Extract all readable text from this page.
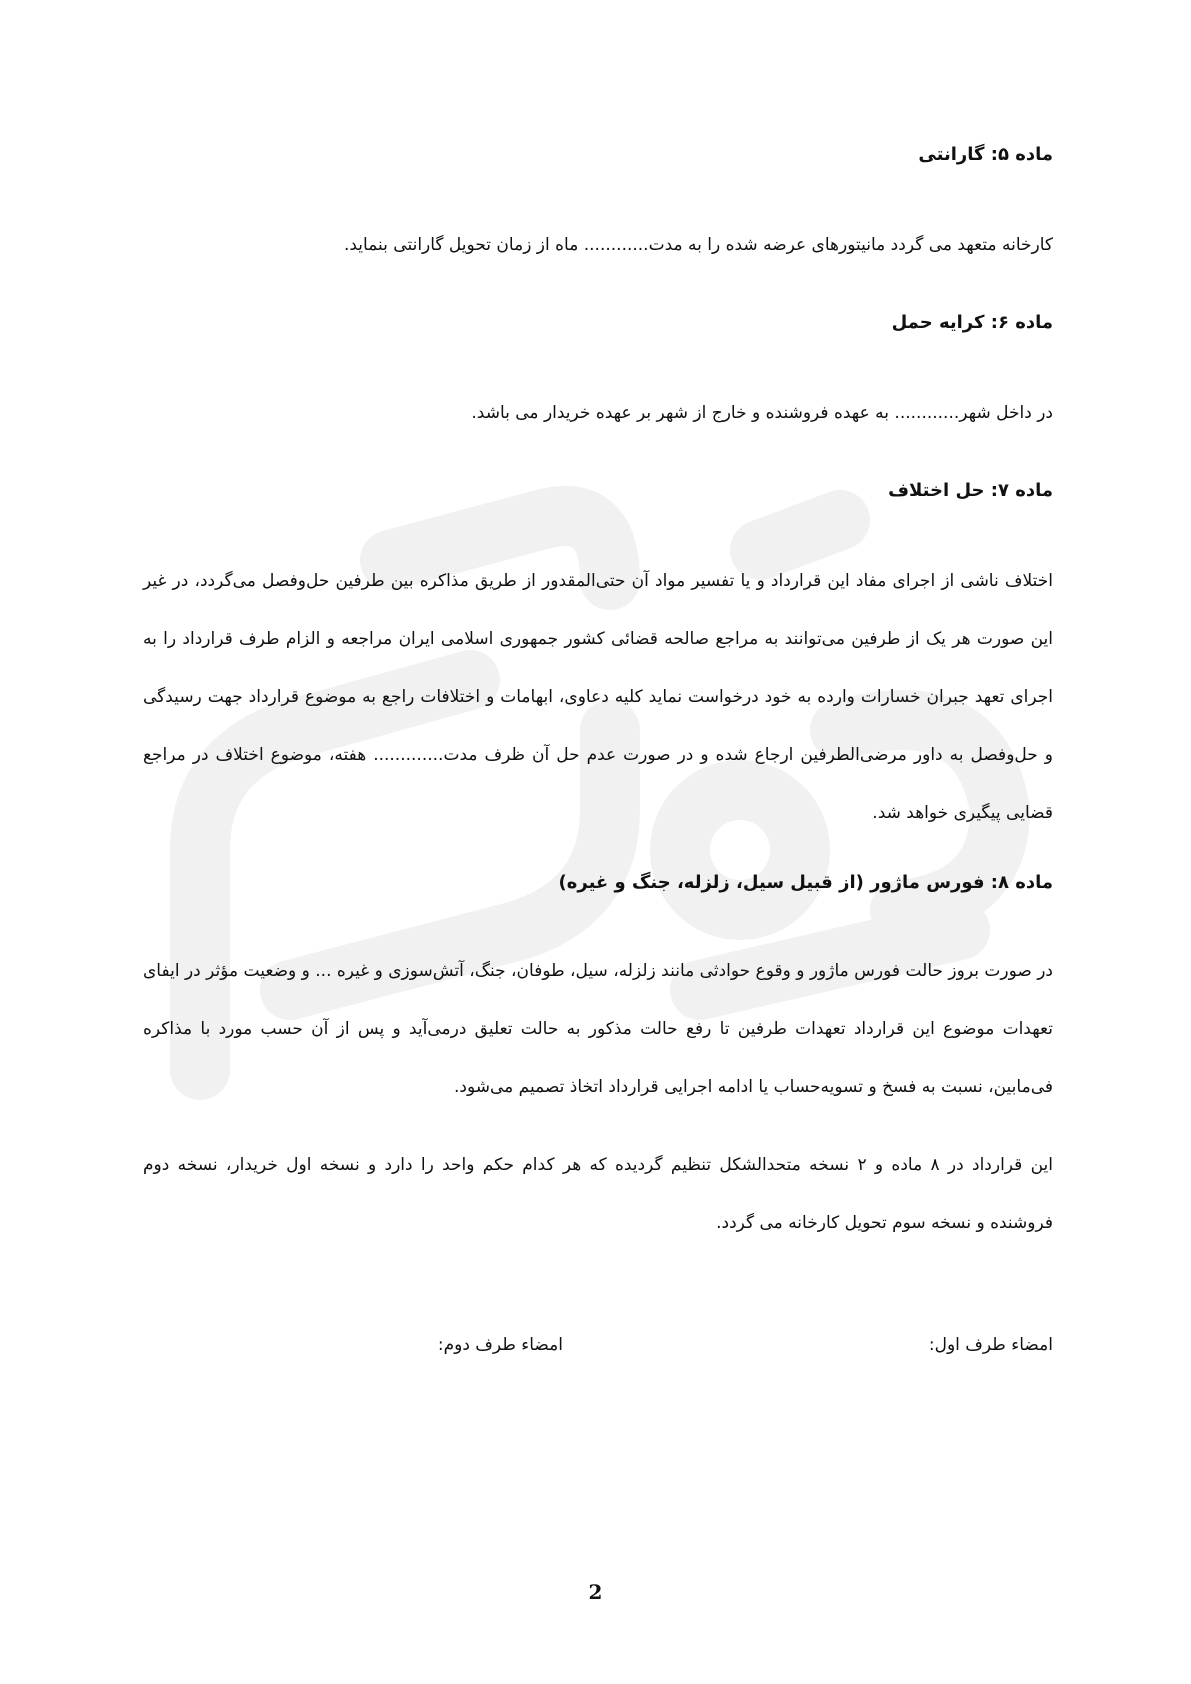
ماده ۵: گارانتی

کارخانه متعهد می گردد مانیتورهای عرضه شده را به مدت............ ماه از زمان تحویل گارانتی بنماید.

ماده ۶: کرایه حمل

در داخل شهر............ به عهده فروشنده و خارج از شهر بر عهده خریدار می باشد.

ماده ۷: حل اختلاف

اختلاف ناشی از اجرای مفاد این قرارداد و یا تفسیر مواد آن حتی‌المقدور از طریق مذاکره بین طرفین حل‌وفصل می‌گردد، در غیر این صورت هر یک از طرفین می‌توانند به مراجع صالحه قضائی کشور جمهوری اسلامی ایران مراجعه و الزام طرف قرارداد را به اجرای تعهد جبران خسارات وارده به خود درخواست نماید کلیه دعاوی، ابهامات و اختلافات راجع به موضوع قرارداد جهت رسیدگی و حل‌وفصل به داور مرضی‌الطرفین ارجاع شده و در صورت عدم حل آن ظرف مدت............. هفته، موضوع اختلاف در مراجع قضایی پیگیری خواهد شد.

ماده ۸: فورس ماژور (از قبیل سیل، زلزله، جنگ و غیره)

در صورت بروز حالت فورس ماژور و وقوع حوادثی مانند زلزله، سیل، طوفان، جنگ، آتش‌سوزی و غیره ... و وضعیت مؤثر در ایفای تعهدات موضوع این قرارداد تعهدات طرفین تا رفع حالت مذکور به حالت تعلیق درمی‌آید و پس از آن حسب مورد با مذاکره فی‌مابین، نسبت به فسخ و تسویه‌حساب یا ادامه اجرایی قرارداد اتخاذ تصمیم می‌شود.

این قرارداد در ۸ ماده و ۲ نسخه متحدالشکل تنظیم گردیده که هر کدام حکم واحد را دارد و نسخه اول خریدار، نسخه دوم فروشنده و نسخه سوم تحویل کارخانه می گردد.

امضاء طرف اول:
امضاء طرف دوم:
2
